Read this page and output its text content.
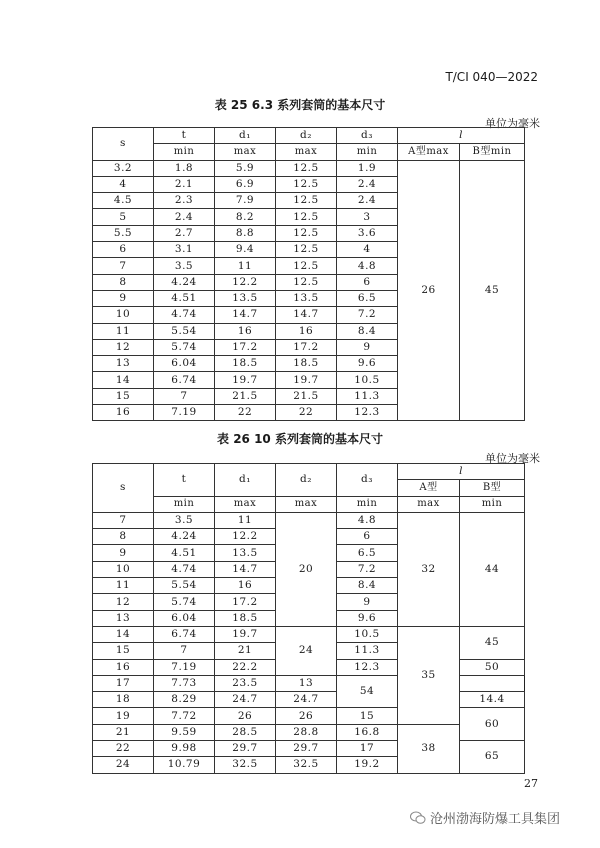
T/CI 040—2022
表 25 6.3 系列套筒的基本尺寸
单位为毫米
s	t	d₁	d₂	d₃	l	
	min	max	max	min	A型max	B型min
3.2	1.8	5.9	12.5	1.9	26	45
4	2.1	6.9	12.5	2.4		
4.5	2.3	7.9	12.5	2.4		
5	2.4	8.2	12.5	3		
5.5	2.7	8.8	12.5	3.6		
6	3.1	9.4	12.5	4		
7	3.5	11	12.5	4.8		
8	4.24	12.2	12.5	6		
9	4.51	13.5	13.5	6.5		
10	4.74	14.7	14.7	7.2		
11	5.54	16	16	8.4		
12	5.74	17.2	17.2	9		
13	6.04	18.5	18.5	9.6		
14	6.74	19.7	19.7	10.5		
15	7	21.5	21.5	11.3		
16	7.19	22	22	12.3		
表 26 10 系列套筒的基本尺寸
单位为毫米
s	t	d₁	d₂	d₃	l	
					A型	B型
	min	max	max	min	max	min
7	3.5	11	20	4.8	32	44
8	4.24	12.2		6		
9	4.51	13.5		6.5		
10	4.74	14.7		7.2		
11	5.54	16		8.4		
12	5.74	17.2		9		
13	6.04	18.5		9.6		
14	6.74	19.7	24	10.5	35	45
15	7	21		11.3		
16	7.19	22.2		12.3		50
17	7.73	23.5	13	54		
18	8.29	24.7	24.7			14.4
19	7.72	26	26	15		60
21	9.59	28.5	28.8	16.8	38	
22	9.98	29.7	29.7	17		65
24	10.79	32.5	32.5	19.2		
27
沧州渤海防爆工具集团
